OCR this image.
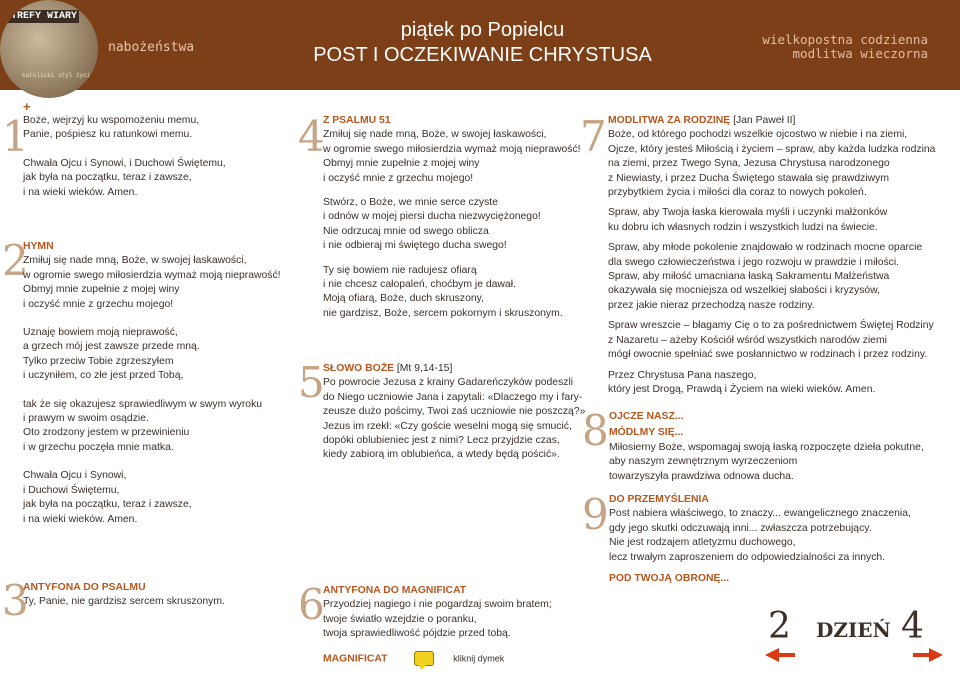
STREFY WIARY
katolicki styl życia
nabożeństwa
piątek po Popielcu
POST I OCZEKIWANIE CHRYSTUSA
wielkopostna codzienna
modlitwa wieczorna
1
+
Boże, wejrzyj ku wspomożeniu memu,
Panie, pośpiesz ku ratunkowi memu.
Chwała Ojcu i Synowi, i Duchowi Świętemu,
jak była na początku, teraz i zawsze,
i na wieki wieków. Amen.
2
HYMN
Zmiłuj się nade mną, Boże, w swojej łaskawości,
w ogromie swego miłosierdzia wymaż moją nieprawość!
Obmyj mnie zupełnie z mojej winy
i oczyść mnie z grzechu mojego!
Uznaję bowiem moją nieprawość,
a grzech mój jest zawsze przede mną.
Tylko przeciw Tobie zgrzeszyłem
i uczyniłem, co złe jest przed Tobą,
tak że się okazujesz sprawiedliwym w swym wyroku
i prawym w swoim osądzie.
Oto zrodzony jestem w przewinieniu
i w grzechu poczęła mnie matka.
Chwała Ojcu i Synowi,
i Duchowi Świętemu,
jak była na początku, teraz i zawsze,
i na wieki wieków. Amen.
3
ANTYFONA DO PSALMU
Ty, Panie, nie gardzisz sercem skruszonym.
4
Z PSALMU 51
Zmiłuj się nade mną, Boże, w swojej łaskawości,
w ogromie swego miłosierdzia wymaż moją nieprawość!
Obmyj mnie zupełnie z mojej winy
i oczyść mnie z grzechu mojego!
Stwórz, o Boże, we mnie serce czyste
i odnów w mojej piersi ducha niezwyciężonego!
Nie odrzucaj mnie od swego oblicza
i nie odbieraj mi świętego ducha swego!
Ty się bowiem nie radujesz ofiarą
i nie chcesz całopaleń, choćbym je dawał.
Moją ofiarą, Boże, duch skruszony,
nie gardzisz, Boże, sercem pokornym i skruszonym.
5
SŁOWO BOŻE [Mt 9,14-15]
Po powrocie Jezusa z krainy Gadareńczyków podeszli
do Niego uczniowie Jana i zapytali: «Dlaczego my i fary-
zeusze dużo pościmy, Twoi zaś uczniowie nie poszczą?»
Jezus im rzekł: «Czy goście weselni mogą się smucić,
dopóki oblubieniec jest z nimi? Lecz przyjdzie czas,
kiedy zabiorą im oblubieńca, a wtedy będą pościć».
6
ANTYFONA DO MAGNIFICAT
Przyodziej nagiego i nie pogardzaj swoim bratem;
twoje światło wzejdzie o poranku,
twoja sprawiedliwość pójdzie przed tobą.
MAGNIFICAT	kliknij dymek
7 MODLITWA ZA RODZINĘ [Jan Paweł II]
Boże, od którego pochodzi wszelkie ojcostwo w niebie i na ziemi,
Ojcze, który jesteś Miłością i życiem – spraw, aby każda ludzka rodzina
na ziemi, przez Twego Syna, Jezusa Chrystusa narodzonego
z Niewiasty, i przez Ducha Świętego stawała się prawdziwym
przybytkiem życia i miłości dla coraz to nowych pokoleń.
Spraw, aby Twoja łaska kierowała myśli i uczynki małżonków
ku dobru ich własnych rodzin i wszystkich ludzi na świecie.
Spraw, aby młode pokolenie znajdowało w rodzinach mocne oparcie
dla swego człowieczeństwa i jego rozwoju w prawdzie i miłości.
Spraw, aby miłość umacniana łaską Sakramentu Małżeństwa
okazywała się mocniejsza od wszelkiej słabości i kryzysów,
przez jakie nieraz przechodzą nasze rodziny.
Spraw wreszcie – błagamy Cię o to za pośrednictwem Świętej Rodziny
z Nazaretu – ażeby Kościół wśród wszystkich narodów ziemi
mógł owocnie spełniać swe posłannictwo w rodzinach i przez rodziny.
Przez Chrystusa Pana naszego,
który jest Drogą, Prawdą i Życiem na wieki wieków. Amen.
8 OJCZE NASZ...
MÓDLMY SIĘ...
Miłosierny Boże, wspomagaj swoją łaską rozpoczęte dzieła pokutne,
aby naszym zewnętrznym wyrzeczeniom
towarzyszyła prawdziwa odnowa ducha.
9 DO PRZEMYŚLENIA
Post nabiera właściwego, to znaczy... ewangelicznego znaczenia,
gdy jego skutki odczuwają inni... zwłaszcza potrzebujący.
Nie jest rodzajem atletyzmu duchowego,
lecz trwałym zaproszeniem do odpowiedzialności za innych.
POD TWOJĄ OBRONĘ...
2 DZIEŃ 4
